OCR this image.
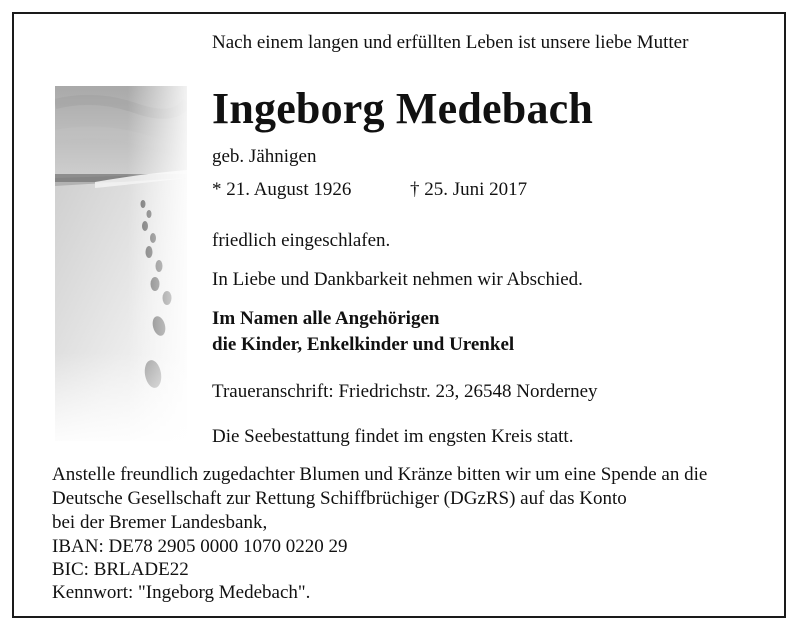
Nach einem langen und erfüllten Leben ist unsere liebe Mutter
Ingeborg Medebach
geb. Jähnigen
* 21. August 1926	† 25. Juni 2017
friedlich eingeschlafen.
In Liebe und Dankbarkeit nehmen wir Abschied.
Im Namen alle Angehörigen
die Kinder, Enkelkinder und Urenkel
Traueranschrift: Friedrichstr. 23, 26548 Norderney
Die Seebestattung findet im engsten Kreis statt.
Anstelle freundlich zugedachter Blumen und Kränze bitten wir um eine Spende an die
Deutsche Gesellschaft zur Rettung Schiffbrüchiger (DGzRS) auf das Konto
bei der Bremer Landesbank,
IBAN: DE78 2905 0000 1070 0220 29
BIC: BRLADE22
Kennwort: "Ingeborg Medebach".
